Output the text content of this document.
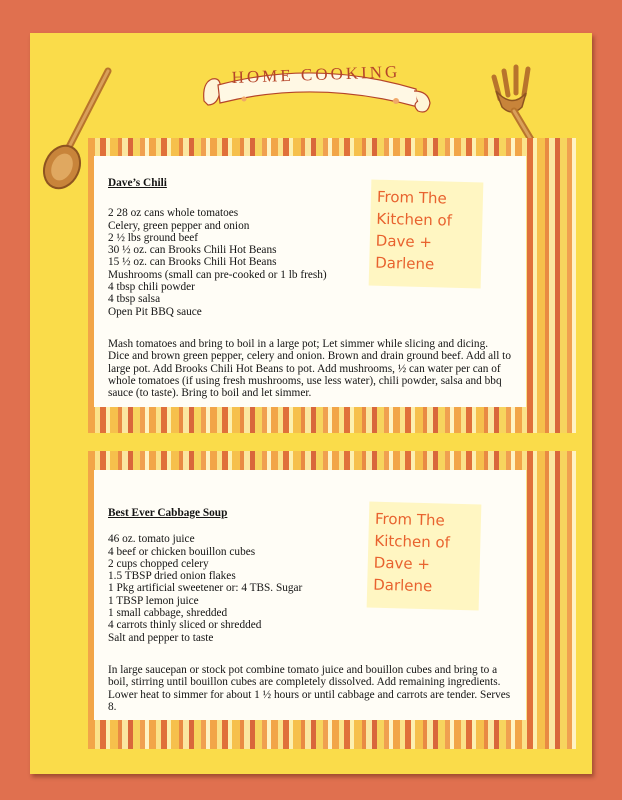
HOME COOKING

Dave’s Chili

2 28 oz cans whole tomatoes

Celery, green pepper and onion

2 ½ lbs ground beef

30 ½ oz. can Brooks Chili Hot Beans

15 ½ oz. can Brooks Chili Hot Beans

Mushrooms (small can pre-cooked or 1 lb fresh)

4 tbsp chili powder

4 tbsp salsa

Open Pit BBQ sauce

Mash tomatoes and bring to boil in a large pot; Let simmer while slicing and dicing. Dice and brown green pepper, celery and onion. Brown and drain ground beef. Add all to large pot. Add Brooks Chili Hot Beans to pot. Add mushrooms, ½ can water per can of whole tomatoes (if using fresh mushrooms, use less water), chili powder, salsa and bbq sauce (to taste). Bring to boil and let simmer.

From The
Kitchen of
Dave +
Darlene

Best Ever Cabbage Soup

46 oz. tomato juice

4 beef or chicken bouillon cubes

2 cups chopped celery

1.5 TBSP dried onion flakes

1 Pkg artificial sweetener or: 4 TBS. Sugar

1 TBSP lemon juice

1 small cabbage, shredded

4 carrots thinly sliced or shredded

Salt and pepper to taste

In large saucepan or stock pot combine tomato juice and bouillon cubes and bring to a boil, stirring until bouillon cubes are completely dissolved. Add remaining ingredients. Lower heat to simmer for about 1 ½ hours or until cabbage and carrots are tender. Serves 8.

From The
Kitchen of
Dave +
Darlene
